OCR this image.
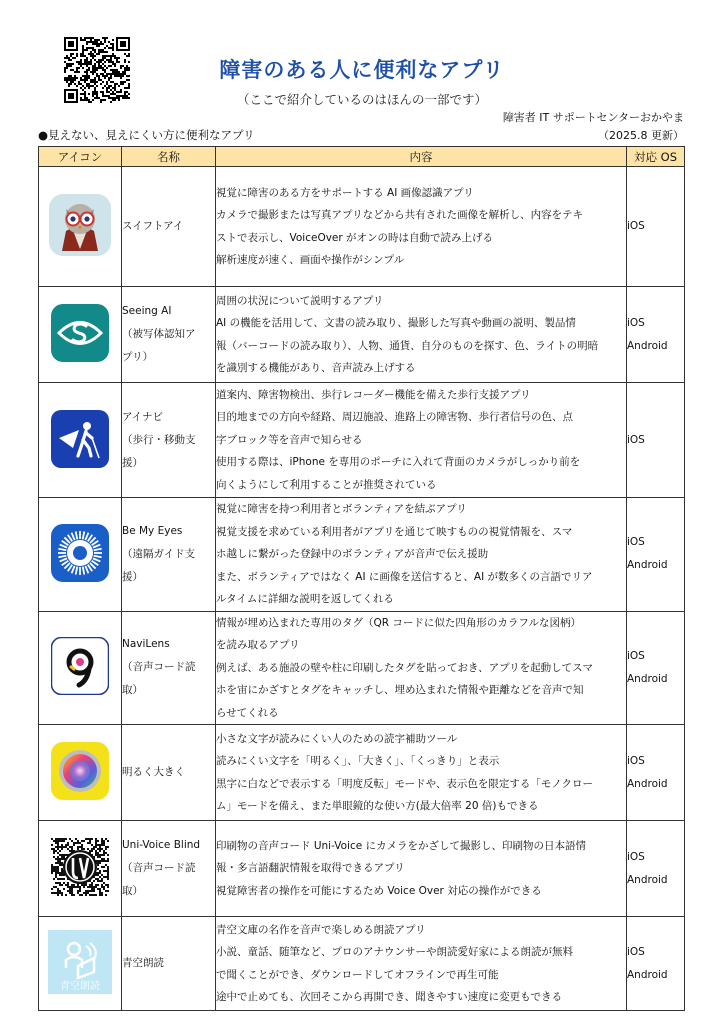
障害のある人に便利なアプリ
（ここで紹介しているのはほんの一部です）
障害者 IT サポートセンターおかやま
●見えない、見えにくい方に便利なアプリ	（2025.8 更新）
アイコン	名称	内容	対応 OS

スイフトアイ	視覚に障害のある方をサポートする AI 画像認識アプリ
カメラで撮影または写真アプリなどから共有された画像を解析し、内容をテキ
ストで表示し、VoiceOver がオンの時は自動で読み上げる
解析速度が速く、画面や操作がシンプル	iOS

Seeing AI
（被写体認知ア
プリ）	周囲の状況について説明するアプリ
AI の機能を活用して、文書の読み取り、撮影した写真や動画の説明、製品情
報（バーコードの読み取り）、人物、通貨、自分のものを探す、色、ライトの明暗
を識別する機能があり、音声読み上げする	iOS
Android

アイナビ
（歩行・移動支
援）	道案内、障害物検出、歩行レコーダー機能を備えた歩行支援アプリ
目的地までの方向や経路、周辺施設、進路上の障害物、歩行者信号の色、点
字ブロック等を音声で知らせる
使用する際は、iPhone を専用のポーチに入れて背面のカメラがしっかり前を
向くようにして利用することが推奨されている	iOS

Be My Eyes
（遠隔ガイド支
援）	視覚に障害を持つ利用者とボランティアを結ぶアプリ
視覚支援を求めている利用者がアプリを通じて映すものの視覚情報を、スマ
ホ越しに繋がった登録中のボランティアが音声で伝え援助
また、ボランティアではなく AI に画像を送信すると、AI が数多くの言語でリア
ルタイムに詳細な説明を返してくれる	iOS
Android

NaviLens
（音声コード読
取）	情報が埋め込まれた専用のタグ（QR コードに似た四角形のカラフルな図柄）
を読み取るアプリ
例えば、ある施設の壁や柱に印刷したタグを貼っておき、アプリを起動してスマ
ホを宙にかざすとタグをキャッチし、埋め込まれた情報や距離などを音声で知
らせてくれる	iOS
Android

明るく大きく	小さな文字が読みにくい人のための読字補助ツール
読みにくい文字を「明るく」、「大きく」、「くっきり」と表示
黒字に白などで表示する「明度反転」モードや、表示色を限定する「モノクロー
ム」モードを備え、また単眼鏡的な使い方(最大倍率 20 倍)もできる	iOS
Android

Uni-Voice Blind
（音声コード読
取）	印刷物の音声コード Uni-Voice にカメラをかざして撮影し、印刷物の日本語情
報・多言語翻訳情報を取得できるアプリ
視覚障害者の操作を可能にするため Voice Over 対応の操作ができる	iOS
Android

青空朗読	青空朗読	青空文庫の名作を音声で楽しめる朗読アプリ
小説、童話、随筆など、プロのアナウンサーや朗読愛好家による朗読が無料
で聞くことができ、ダウンロードしてオフラインで再生可能
途中で止めても、次回そこから再開でき、聞きやすい速度に変更もできる	iOS
Android
